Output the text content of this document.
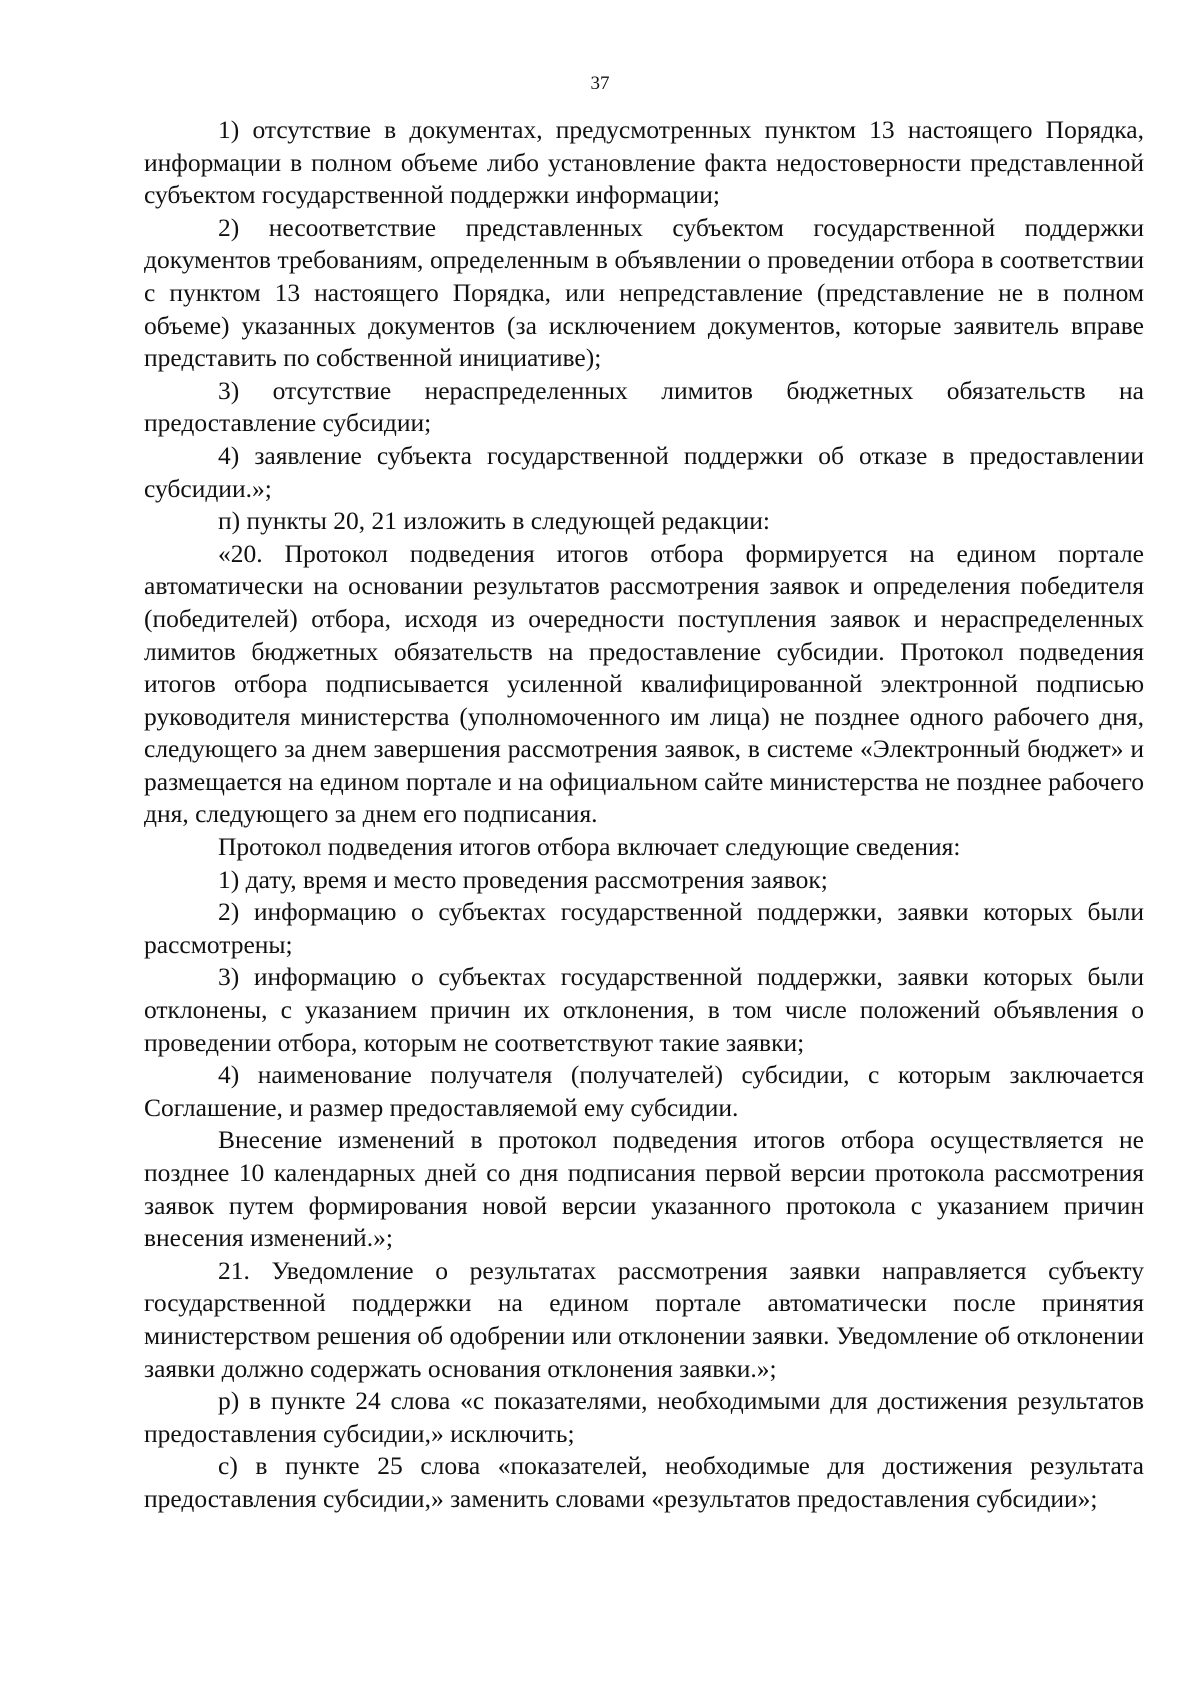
37

1) отсутствие в документах, предусмотренных пунктом 13 настоящего Порядка, информации в полном объеме либо установление факта недостоверности представленной субъектом государственной поддержки информации;

2) несоответствие представленных субъектом государственной поддержки документов требованиям, определенным в объявлении о проведении отбора в соответствии с пунктом 13 настоящего Порядка, или непредставление (представление не в полном объеме) указанных документов (за исключением документов, которые заявитель вправе представить по собственной инициативе);

3) отсутствие нераспределенных лимитов бюджетных обязательств на предоставление субсидии;

4) заявление субъекта государственной поддержки об отказе в предоставлении субсидии.»;

п) пункты 20, 21 изложить в следующей редакции:

«20. Протокол подведения итогов отбора формируется на едином портале автоматически на основании результатов рассмотрения заявок и определения победителя (победителей) отбора, исходя из очередности поступления заявок и нераспределенных лимитов бюджетных обязательств на предоставление субсидии. Протокол подведения итогов отбора подписывается усиленной квалифицированной электронной подписью руководителя министерства (уполномоченного им лица) не позднее одного рабочего дня, следующего за днем завершения рассмотрения заявок, в системе «Электронный бюджет» и размещается на едином портале и на официальном сайте министерства не позднее рабочего дня, следующего за днем его подписания.

Протокол подведения итогов отбора включает следующие сведения:

1) дату, время и место проведения рассмотрения заявок;

2) информацию о субъектах государственной поддержки, заявки которых были рассмотрены;

3) информацию о субъектах государственной поддержки, заявки которых были отклонены, с указанием причин их отклонения, в том числе положений объявления о проведении отбора, которым не соответствуют такие заявки;

4) наименование получателя (получателей) субсидии, с которым заключается Соглашение, и размер предоставляемой ему субсидии.

Внесение изменений в протокол подведения итогов отбора осуществляется не позднее 10 календарных дней со дня подписания первой версии протокола рассмотрения заявок путем формирования новой версии указанного протокола с указанием причин внесения изменений.»;

21. Уведомление о результатах рассмотрения заявки направляется субъекту государственной поддержки на едином портале автоматически после принятия министерством решения об одобрении или отклонении заявки. Уведомление об отклонении заявки должно содержать основания отклонения заявки.»;

р) в пункте 24 слова «с показателями, необходимыми для достижения результатов предоставления субсидии,» исключить;

с) в пункте 25 слова «показателей, необходимые для достижения результата предоставления субсидии,» заменить словами «результатов предоставления субсидии»;
